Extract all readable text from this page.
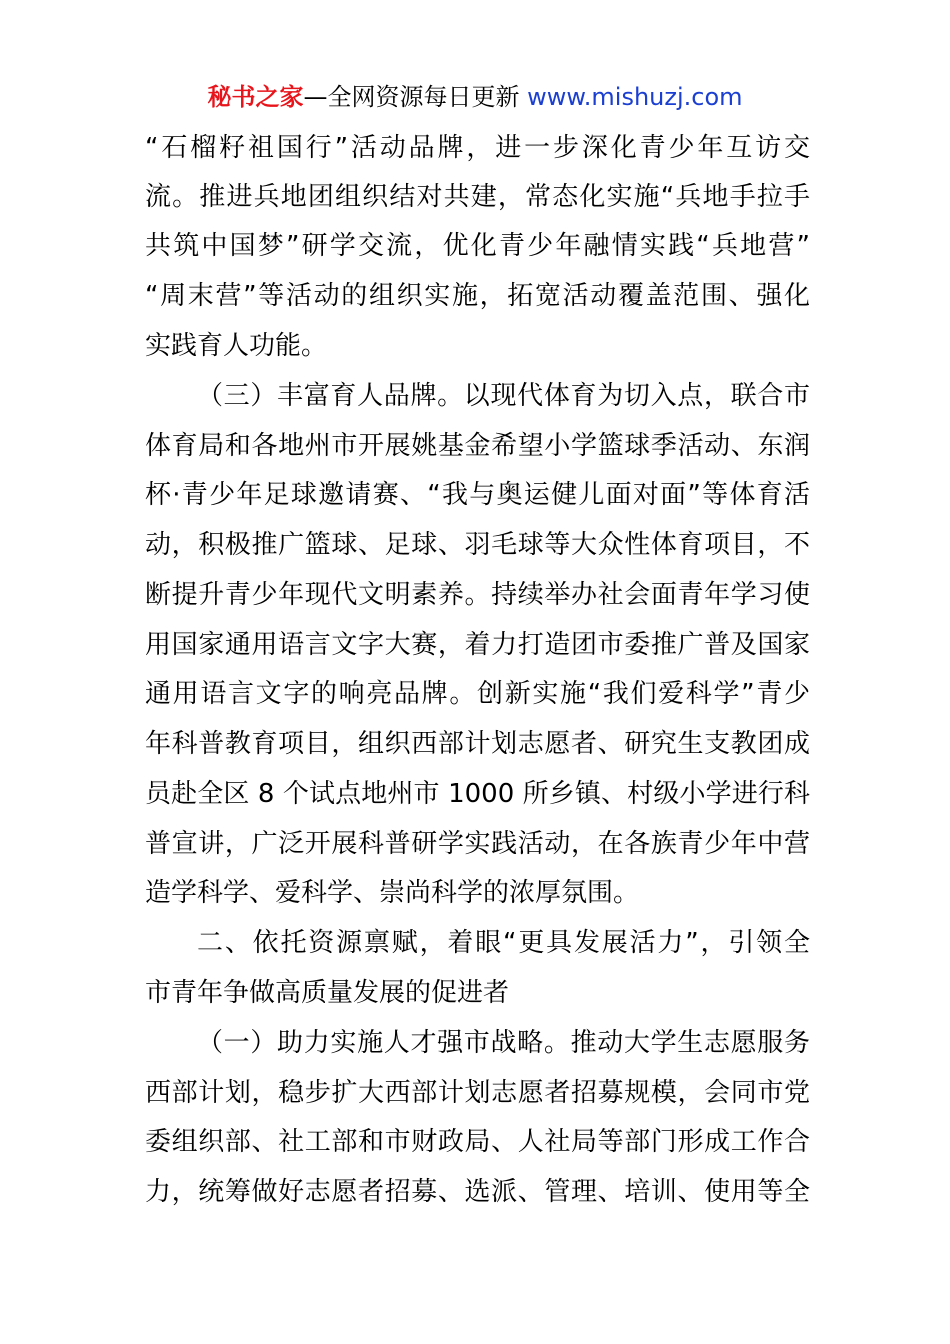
秘书之家—全网资源每日更新 www.mishuzj.com
“石榴籽祖国行”活动品牌，进一步深化青少年互访交
流。推进兵地团组织结对共建，常态化实施“兵地手拉手
共筑中国梦”研学交流，优化青少年融情实践“兵地营”
“周末营”等活动的组织实施，拓宽活动覆盖范围、强化
实践育人功能。
（三）丰富育人品牌。以现代体育为切入点，联合市
体育局和各地州市开展姚基金希望小学篮球季活动、东润
杯·青少年足球邀请赛、“我与奥运健儿面对面”等体育活
动，积极推广篮球、足球、羽毛球等大众性体育项目，不
断提升青少年现代文明素养。持续举办社会面青年学习使
用国家通用语言文字大赛，着力打造团市委推广普及国家
通用语言文字的响亮品牌。创新实施“我们爱科学”青少
年科普教育项目，组织西部计划志愿者、研究生支教团成
员赴全区 8 个试点地州市 1000 所乡镇、村级小学进行科
普宣讲，广泛开展科普研学实践活动，在各族青少年中营
造学科学、爱科学、崇尚科学的浓厚氛围。
二、依托资源禀赋，着眼“更具发展活力”，引领全
市青年争做高质量发展的促进者
（一）助力实施人才强市战略。推动大学生志愿服务
西部计划，稳步扩大西部计划志愿者招募规模，会同市党
委组织部、社工部和市财政局、人社局等部门形成工作合
力，统筹做好志愿者招募、选派、管理、培训、使用等全
